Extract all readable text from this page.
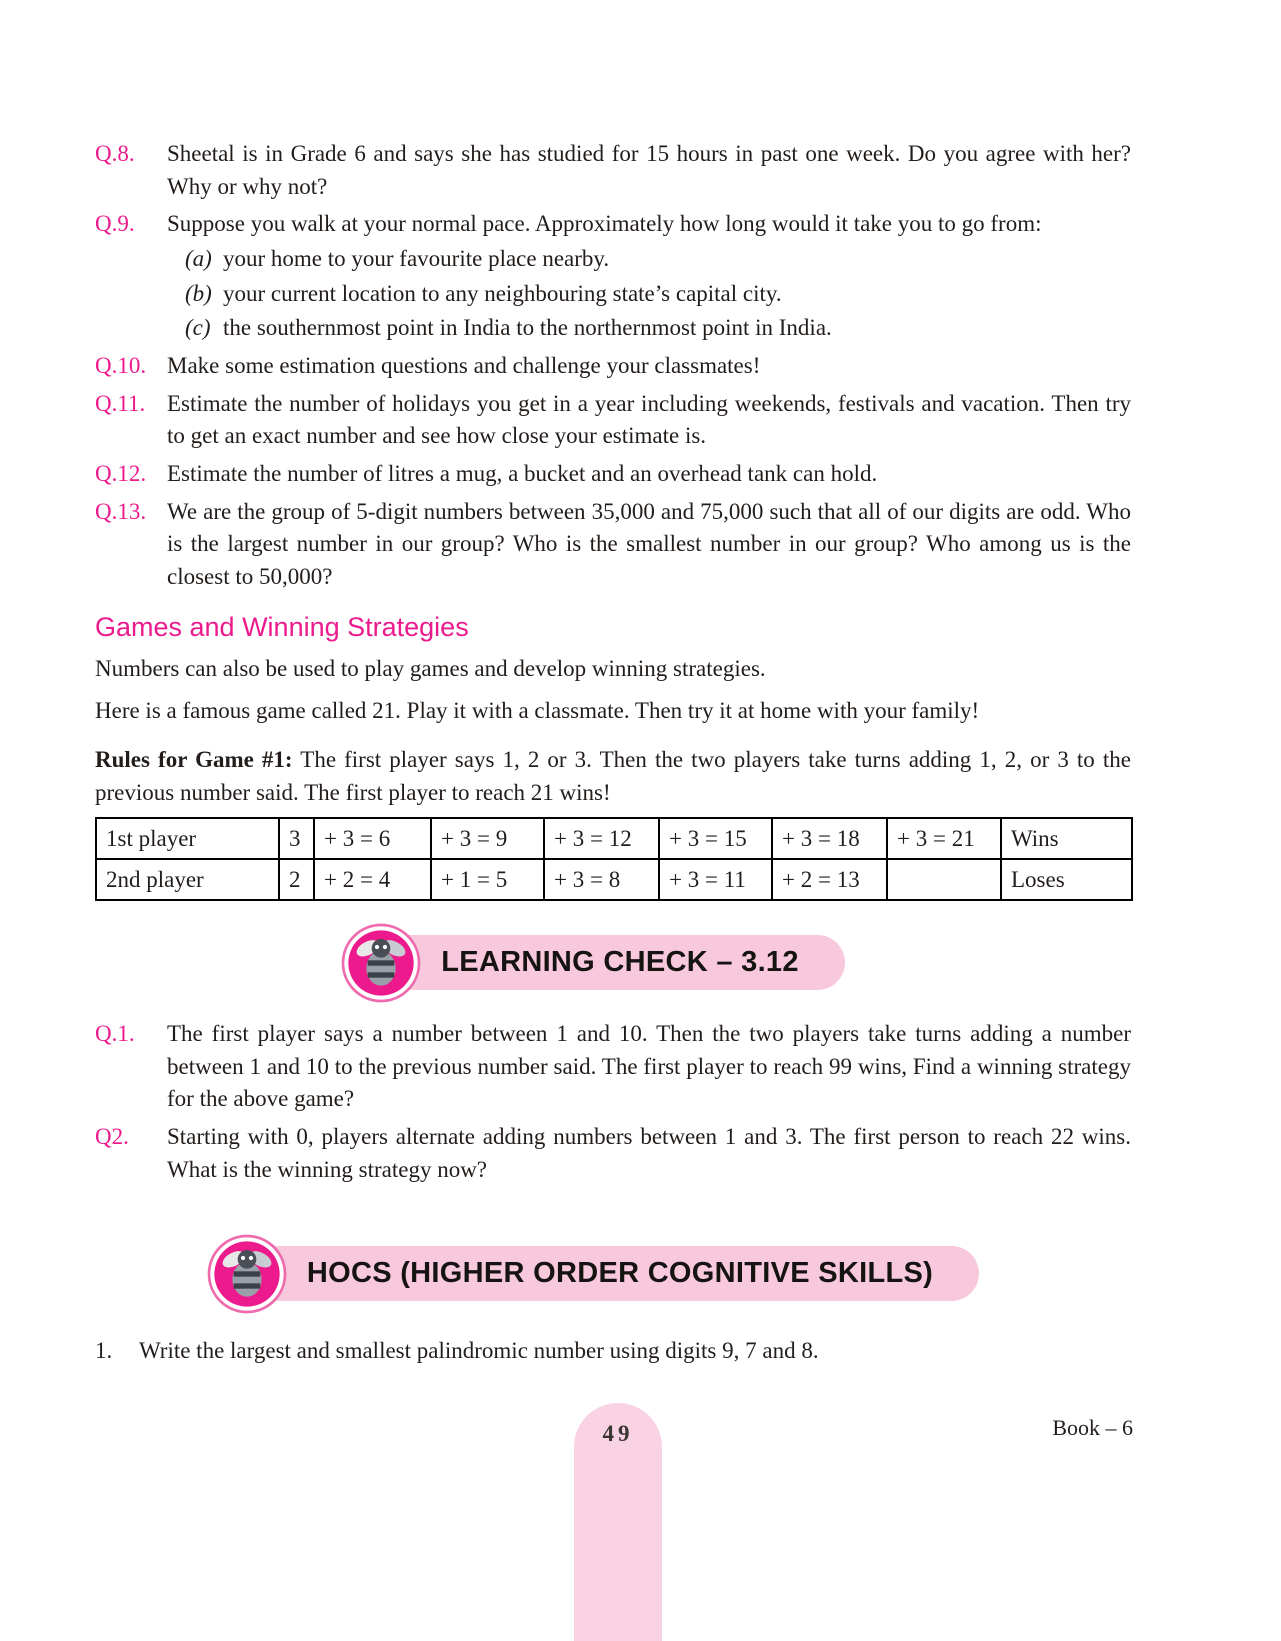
Q.8.	Sheetal is in Grade 6 and says she has studied for 15 hours in past one week. Do you agree with her? Why or why not?
Q.9.	Suppose you walk at your normal pace. Approximately how long would it take you to go from:
(a) your home to your favourite place nearby.
(b) your current location to any neighbouring state’s capital city.
(c) the southernmost point in India to the northernmost point in India.
Q.10. Make some estimation questions and challenge your classmates!
Q.11. Estimate the number of holidays you get in a year including weekends, festivals and vacation. Then try to get an exact number and see how close your estimate is.
Q.12. Estimate the number of litres a mug, a bucket and an overhead tank can hold.
Q.13. We are the group of 5-digit numbers between 35,000 and 75,000 such that all of our digits are odd. Who is the largest number in our group? Who is the smallest number in our group? Who among us is the closest to 50,000?
Games and Winning Strategies

Numbers can also be used to play games and develop winning strategies.

Here is a famous game called 21. Play it with a classmate. Then try it at home with your family!

Rules for Game #1: The first player says 1, 2 or 3. Then the two players take turns adding 1, 2, or 3 to the previous number said. The first player to reach 21 wins!

1st player	3	+ 3 = 6	+ 3 = 9	+ 3 = 12	+ 3 = 15	+ 3 = 18	+ 3 = 21	Wins
2nd player	2	+ 2 = 4	+ 1 = 5	+ 3 = 8	+ 3 = 11	+ 2 = 13		Loses
LEARNING CHECK – 3.12
Q.1.	The first player says a number between 1 and 10. Then the two players take turns adding a number between 1 and 10 to the previous number said. The first player to reach 99 wins, Find a winning strategy for the above game?
Q2.	Starting with 0, players alternate adding numbers between 1 and 3. The first person to reach 22 wins. What is the winning strategy now?
HOCS (HIGHER ORDER COGNITIVE SKILLS)
1.	Write the largest and smallest palindromic number using digits 9, 7 and 8.
49	Book – 6
